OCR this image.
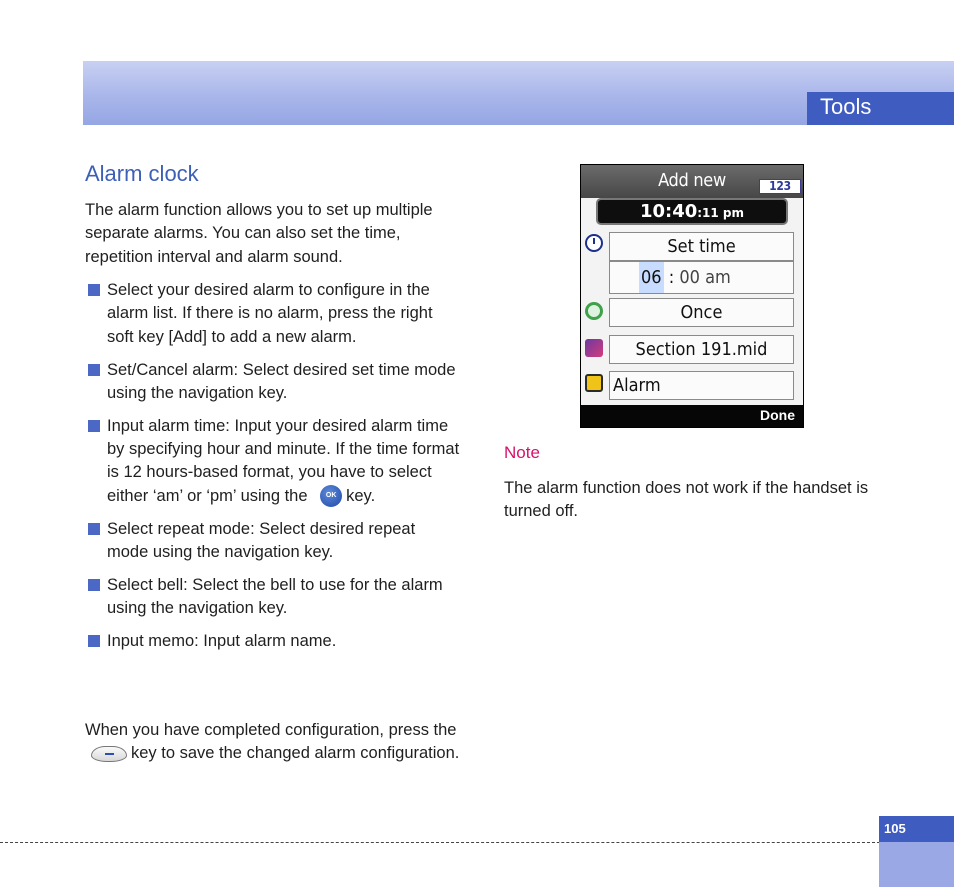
Tools
Alarm clock
The alarm function allows you to set up multiple separate alarms. You can also set the time, repetition interval and alarm sound.
Select your desired alarm to configure in the alarm list. If there is no alarm, press the right soft key [Add] to add a new alarm.
Set/Cancel alarm: Select desired set time mode using the navigation key.
Input alarm time: Input your desired alarm time by specifying hour and minute. If the time format is 12 hours-based format, you have to select either ‘am’ or ‘pm’ using the	OK key.
Select repeat mode: Select desired repeat mode using the navigation key.
Select bell: Select the bell to use for the alarm using the navigation key.
Input memo: Input alarm name.
When you have completed configuration, press thekey to save the changed alarm configuration.
Add new	123
10:40:11 pm
Set time
06 : 00 am
Once
Section 191.mid
Alarm
Done
Note
The alarm function does not work if the handset is turned off.
105
